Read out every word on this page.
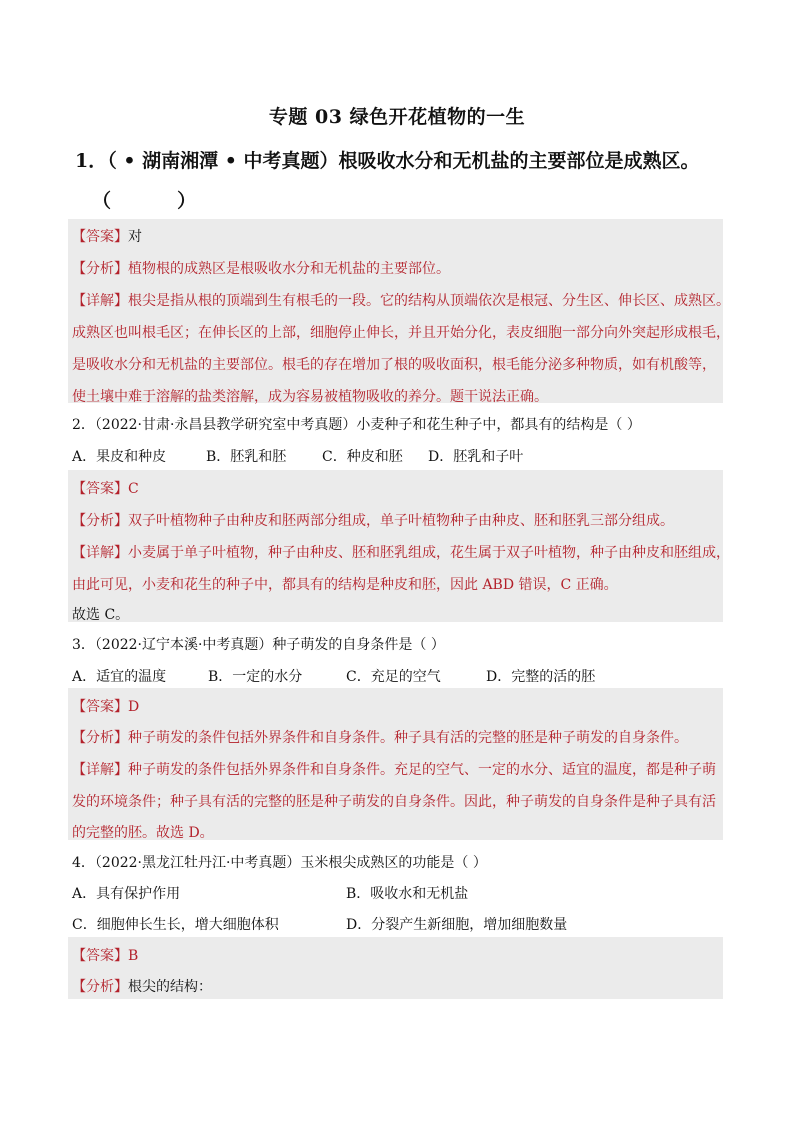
专题 03 绿色开花植物的一生
1．（ • 湖南湘潭 • 中考真题）根吸收水分和无机盐的主要部位是成熟区。
（          ）
【答案】对
【分析】植物根的成熟区是根吸收水分和无机盐的主要部位。
【详解】根尖是指从根的顶端到生有根毛的一段。它的结构从顶端依次是根冠、分生区、伸长区、成熟区。
成熟区也叫根毛区；在伸长区的上部，细胞停止伸长，并且开始分化，表皮细胞一部分向外突起形成根毛，
是吸收水分和无机盐的主要部位。根毛的存在增加了根的吸收面积，根毛能分泌多种物质，如有机酸等，
使土壤中难于溶解的盐类溶解，成为容易被植物吸收的养分。题干说法正确。
2．（2022·甘肃·永昌县教学研究室中考真题）小麦种子和花生种子中，都具有的结构是（ ）
A．果皮和种皮	B．胚乳和胚	C．种皮和胚 D．胚乳和子叶
【答案】C
【分析】双子叶植物种子由种皮和胚两部分组成，单子叶植物种子由种皮、胚和胚乳三部分组成。
【详解】小麦属于单子叶植物，种子由种皮、胚和胚乳组成，花生属于双子叶植物，种子由种皮和胚组成，
由此可见，小麦和花生的种子中，都具有的结构是种皮和胚，因此 ABD 错误，C 正确。
故选 C。
3．（2022·辽宁本溪·中考真题）种子萌发的自身条件是（ ）
A．适宜的温度	B．一定的水分	C．充足的空气	D．完整的活的胚
【答案】D
【分析】种子萌发的条件包括外界条件和自身条件。种子具有活的完整的胚是种子萌发的自身条件。
【详解】种子萌发的条件包括外界条件和自身条件。充足的空气、一定的水分、适宜的温度，都是种子萌
发的环境条件；种子具有活的完整的胚是种子萌发的自身条件。因此，种子萌发的自身条件是种子具有活
的完整的胚。故选 D。
4．（2022·黑龙江牡丹江·中考真题）玉米根尖成熟区的功能是（ ）
A．具有保护作用	B．吸收水和无机盐
C．细胞伸长生长，增大细胞体积	D．分裂产生新细胞，增加细胞数量
【答案】B
【分析】根尖的结构：
